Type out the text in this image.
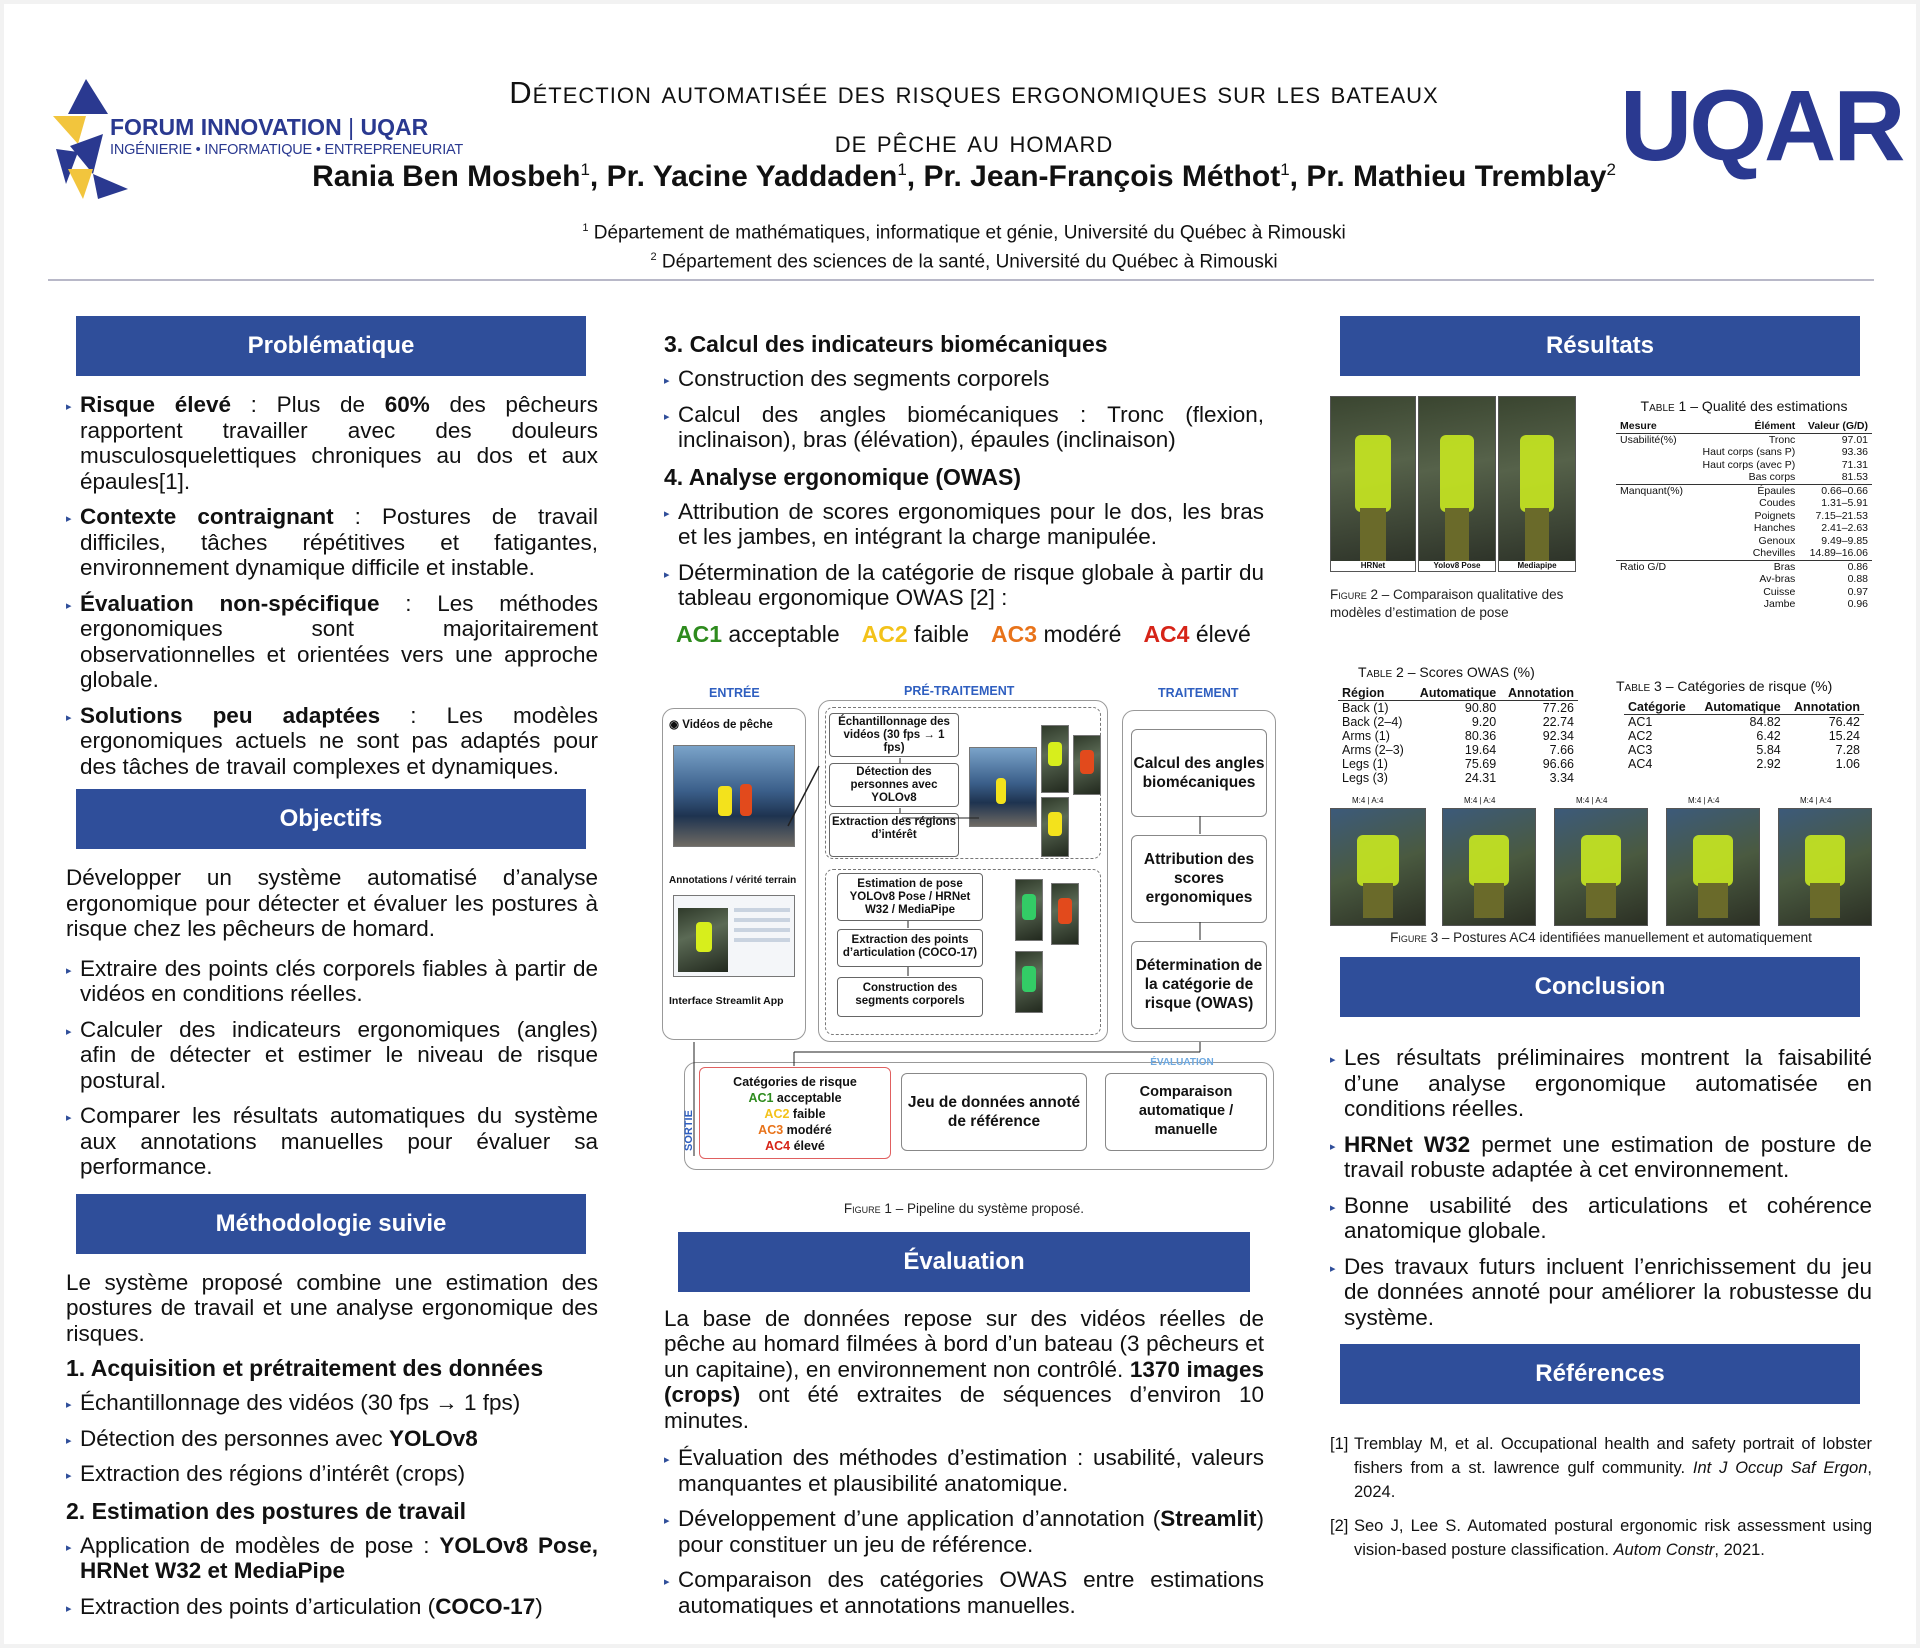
FORUM INNOVATION | UQAR
INGÉNIERIE • INFORMATIQUE • ENTREPRENEURIAT	UQAR
Détection automatisée des risques ergonomiques sur les bateaux
de pêche au homard
Rania Ben Mosbeh$^1$, Pr. Yacine Yaddaden$^1$, Pr. Jean-François Méthot$^1$, Pr. Mathieu Tremblay$^2$
$^1$ Département de mathématiques, informatique et génie, Université du Québec à Rimouski
$^2$ Département des sciences de la santé, Université du Québec à Rimouski
Problématique
▸ Risque élevé : Plus de 60% des pêcheurs rapportent travailler avec des douleurs musculosquelettiques chroniques au dos et aux épaules[1].
▸ Contexte contraignant : Postures de travail difficiles, tâches répétitives et fatigantes, environnement dynamique difficile et instable.
▸ Évaluation non-spécifique : Les méthodes ergonomiques sont majoritairement observationnelles et orientées vers une approche globale.
▸ Solutions peu adaptées : Les modèles ergonomiques actuels ne sont pas adaptés pour des tâches de travail complexes et dynamiques.
Objectifs

Développer un système automatisé d’analyse ergonomique pour détecter et évaluer les postures à risque chez les pêcheurs de homard.

▸ Extraire des points clés corporels fiables à partir de vidéos en conditions réelles.
▸ Calculer des indicateurs ergonomiques (angles) afin de détecter et estimer le niveau de risque postural.
▸ Comparer les résultats automatiques du système aux annotations manuelles pour évaluer sa performance.
Méthodologie suivie

Le système proposé combine une estimation des postures de travail et une analyse ergonomique des risques.

1. Acquisition et prétraitement des données
▸ Échantillonnage des vidéos (30 fps → 1 fps)
▸ Détection des personnes avec YOLOv8
▸ Extraction des régions d’intérêt (crops)
2. Estimation des postures de travail
▸ Application de modèles de pose : YOLOv8 Pose, HRNet W32 et MediaPipe
▸ Extraction des points d’articulation (COCO-17)
3. Calcul des indicateurs biomécaniques
▸ Construction des segments corporels
▸ Calcul des angles biomécaniques : Tronc (flexion, inclinaison), bras (élévation), épaules (inclinaison)
4. Analyse ergonomique (OWAS)
▸ Attribution de scores ergonomiques pour le dos, les bras et les jambes, en intégrant la charge manipulée.
▸ Détermination de la catégorie de risque globale à partir du tableau ergonomique OWAS [2] :
AC1 acceptable AC2 faible AC3 modéré AC4 élevé
ENTRÉE	PRÉ-TRAITEMENT	TRAITEMENT
◉ Vidéos de pêche
Annotations / vérité terrain
Interface Streamlit App
Échantillonnage des vidéos (30 fps → 1 fps)
Détection des personnes avec YOLOv8
Extraction des régions d’intérêt
Estimation de pose YOLOv8 Pose / HRNet W32 / MediaPipe
Extraction des points d’articulation (COCO-17)
Construction des segments corporels
Calcul des angles biomécaniques
Attribution des scores ergonomiques
Détermination de la catégorie de risque (OWAS)
SORTIE
Catégories de risque
AC1 acceptable
AC2 faible
AC3 modéré
AC4 élevé
Jeu de données annoté de référence
ÉVALUATION
Comparaison automatique / manuelle
Figure 1 – Pipeline du système proposé.
Évaluation

La base de données repose sur des vidéos réelles de pêche au homard filmées à bord d’un bateau (3 pêcheurs et un capitaine), en environnement non contrôlé. 1370 images (crops) ont été extraites de séquences d’environ 10 minutes.

▸ Évaluation des méthodes d’estimation : usabilité, valeurs manquantes et plausibilité anatomique.
▸ Développement d’une application d’annotation (Streamlit) pour constituer un jeu de référence.
▸ Comparaison des catégories OWAS entre estimations automatiques et annotations manuelles.
Résultats
HRNet	Yolov8 Pose	Mediapipe
Figure 2 – Comparaison qualitative des modèles d’estimation de pose
Table 1 – Qualité des estimations
Mesure	Élément	Valeur (G/D)
Usabilité(%)	Tronc	97.01
	Haut corps (sans P)	93.36
	Haut corps (avec P)	71.31
	Bas corps	81.53
Manquant(%)	Épaules	0.66–0.66
	Coudes	1.31–5.91
	Poignets	7.15–21.53
	Hanches	2.41–2.63
	Genoux	9.49–9.85
	Chevilles	14.89–16.06
Ratio G/D	Bras	0.86
	Av-bras	0.88
	Cuisse	0.97
	Jambe	0.96
Table 2 – Scores OWAS (%)
Région	Automatique	Annotation
Back (1)	90.80	77.26
Back (2–4)	9.20	22.74
Arms (1)	80.36	92.34
Arms (2–3)	19.64	7.66
Legs (1)	75.69	96.66
Legs (3)	24.31	3.34
Table 3 – Catégories de risque (%)
Catégorie	Automatique	Annotation
AC1	84.82	76.42
AC2	6.42	15.24
AC3	5.84	7.28
AC4	2.92	1.06
M:4 | A:4	M:4 | A:4	M:4 | A:4	M:4 | A:4	M:4 | A:4
Figure 3 – Postures AC4 identifiées manuellement et automatiquement
Conclusion
▸ Les résultats préliminaires montrent la faisabilité d’une analyse ergonomique automatisée en conditions réelles.
▸ HRNet W32 permet une estimation de posture de travail robuste adaptée à cet environnement.
▸ Bonne usabilité des articulations et cohérence anatomique globale.
▸ Des travaux futurs incluent l’enrichissement du jeu de données annoté pour améliorer la robustesse du système.
Références
[1] Tremblay M, et al. Occupational health and safety portrait of lobster fishers from a st. lawrence gulf community. Int J Occup Saf Ergon, 2024.
[2] Seo J, Lee S. Automated postural ergonomic risk assessment using vision-based posture classification. Autom Constr, 2021.
